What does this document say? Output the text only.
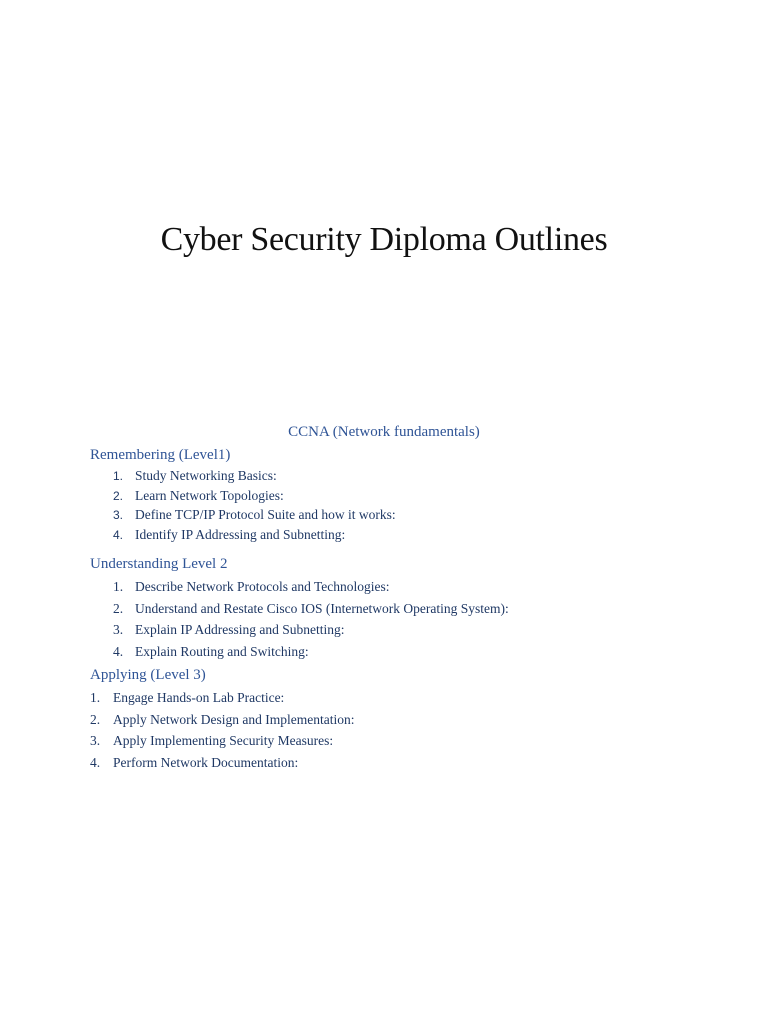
Cyber Security Diploma Outlines
CCNA (Network fundamentals)
Remembering (Level1)
1. Study Networking Basics:
2. Learn Network Topologies:
3. Define TCP/IP Protocol Suite and how it works:
4. Identify IP Addressing and Subnetting:
Understanding Level 2
1. Describe Network Protocols and Technologies:
2. Understand and Restate Cisco IOS (Internetwork Operating System):
3. Explain IP Addressing and Subnetting:
4. Explain Routing and Switching:
Applying (Level 3)
1. Engage Hands-on Lab Practice:
2. Apply Network Design and Implementation:
3. Apply Implementing Security Measures:
4. Perform Network Documentation:
